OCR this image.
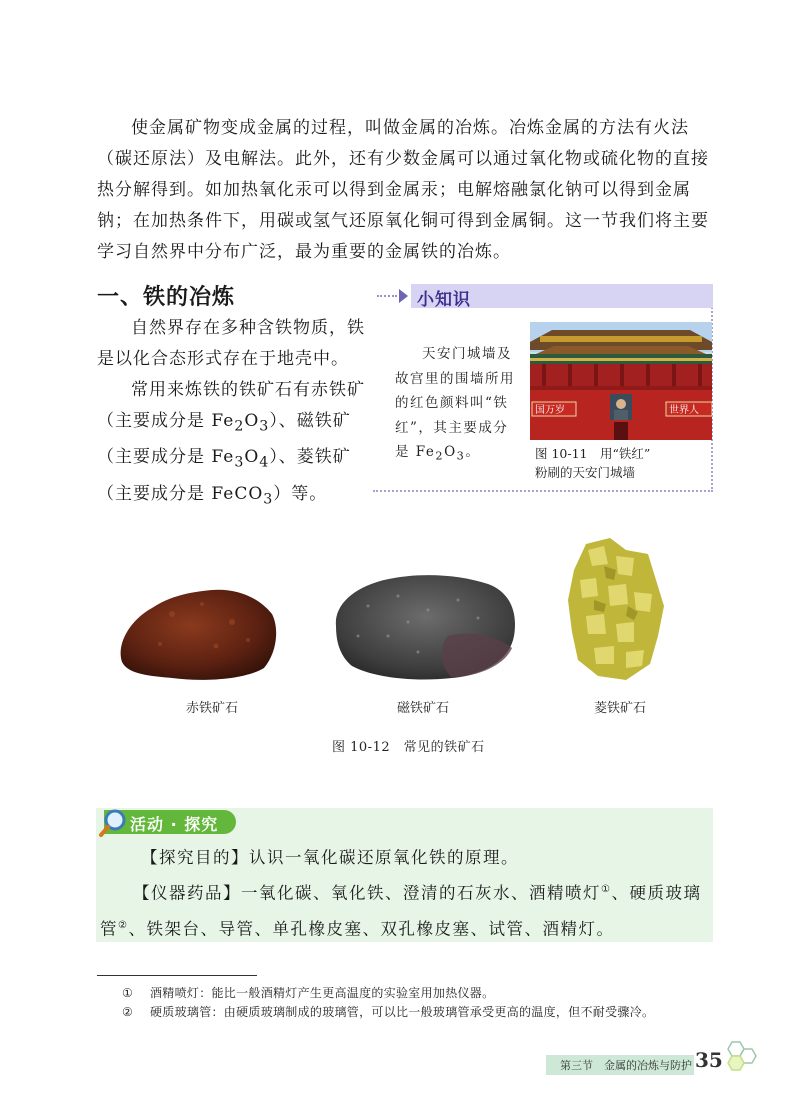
使金属矿物变成金属的过程，叫做金属的冶炼。冶炼金属的方法有火法（碳还原法）及电解法。此外，还有少数金属可以通过氧化物或硫化物的直接热分解得到。如加热氧化汞可以得到金属汞；电解熔融氯化钠可以得到金属钠；在加热条件下，用碳或氢气还原氧化铜可得到金属铜。这一节我们将主要学习自然界中分布广泛，最为重要的金属铁的冶炼。

一、铁的冶炼

自然界存在多种含铁物质，铁是以化合态形式存在于地壳中。

常用来炼铁的铁矿石有赤铁矿（主要成分是 $Fe_2O_3$）、磁铁矿（主要成分是 $Fe_3O_4$）、菱铁矿（主要成分是 FeCO$_3$）等。

小知识
天安门城墙及故宫里的围墙所用的红色颜料叫“铁红”，其主要成分是 $Fe_2O_3$。	图 10-11　用“铁红”
粉刷的天安门城墙
国万岁	世界人
赤铁矿石	磁铁矿石	菱铁矿石
图 10-12　常见的铁矿石
活动 · 探究

【探究目的】认识一氧化碳还原氧化铁的原理。

【仪器药品】一氧化碳、氧化铁、澄清的石灰水、酒精喷灯①、硬质玻璃管②、铁架台、导管、单孔橡皮塞、双孔橡皮塞、试管、酒精灯。

① 酒精喷灯：能比一般酒精灯产生更高温度的实验室用加热仪器。
② 硬质玻璃管：由硬质玻璃制成的玻璃管，可以比一般玻璃管承受更高的温度，但不耐受骤冷。
第三节　金属的冶炼与防护 35
